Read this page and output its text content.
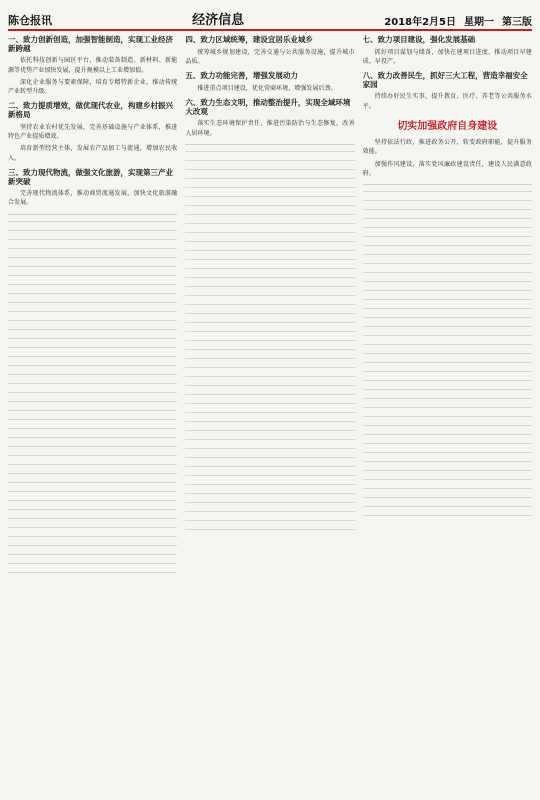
陈仓报讯	经济信息	2018年2月5日 星期一 第三版
一、致力创新创造，加强智能制造，实现工业经济新跨越

依托科技创新与园区平台，推动装备制造、新材料、新能源等优势产业加快发展，提升规模以上工业增加值。

深化企业服务与要素保障，培育专精特新企业，推动传统产业转型升级。

二、致力提质增效，做优现代农业，构建乡村振兴新格局

坚持农业农村优先发展，完善基础设施与产业体系，推进特色产业提质增效。

培育新型经营主体，发展农产品加工与流通，增加农民收入。

三、致力现代物流，做强文化旅游，实现第三产业新突破

完善现代物流体系，推动商贸流通发展，加快文化旅游融合发展。

四、致力区域统筹，建设宜居乐业城乡

统筹城乡规划建设，完善交通与公共服务设施，提升城市品质。

五、致力功能完善，增强发展动力

推进重点项目建设，优化营商环境，增强发展后劲。

六、致力生态文明，推动整治提升，实现全域环境大改观

落实生态环境保护责任，推进污染防治与生态修复，改善人居环境。

七、致力项目建设，强化发展基础

抓好项目谋划与储备，加快在建项目进度，推动项目早建成、早投产。

八、致力改善民生，抓好三大工程，营造幸福安全家园

持续办好民生实事，提升教育、医疗、养老等公共服务水平。

切实加强政府自身建设

坚持依法行政，推进政务公开，转变政府职能，提升服务效能。

加强作风建设，落实党风廉政建设责任，建设人民满意政府。
